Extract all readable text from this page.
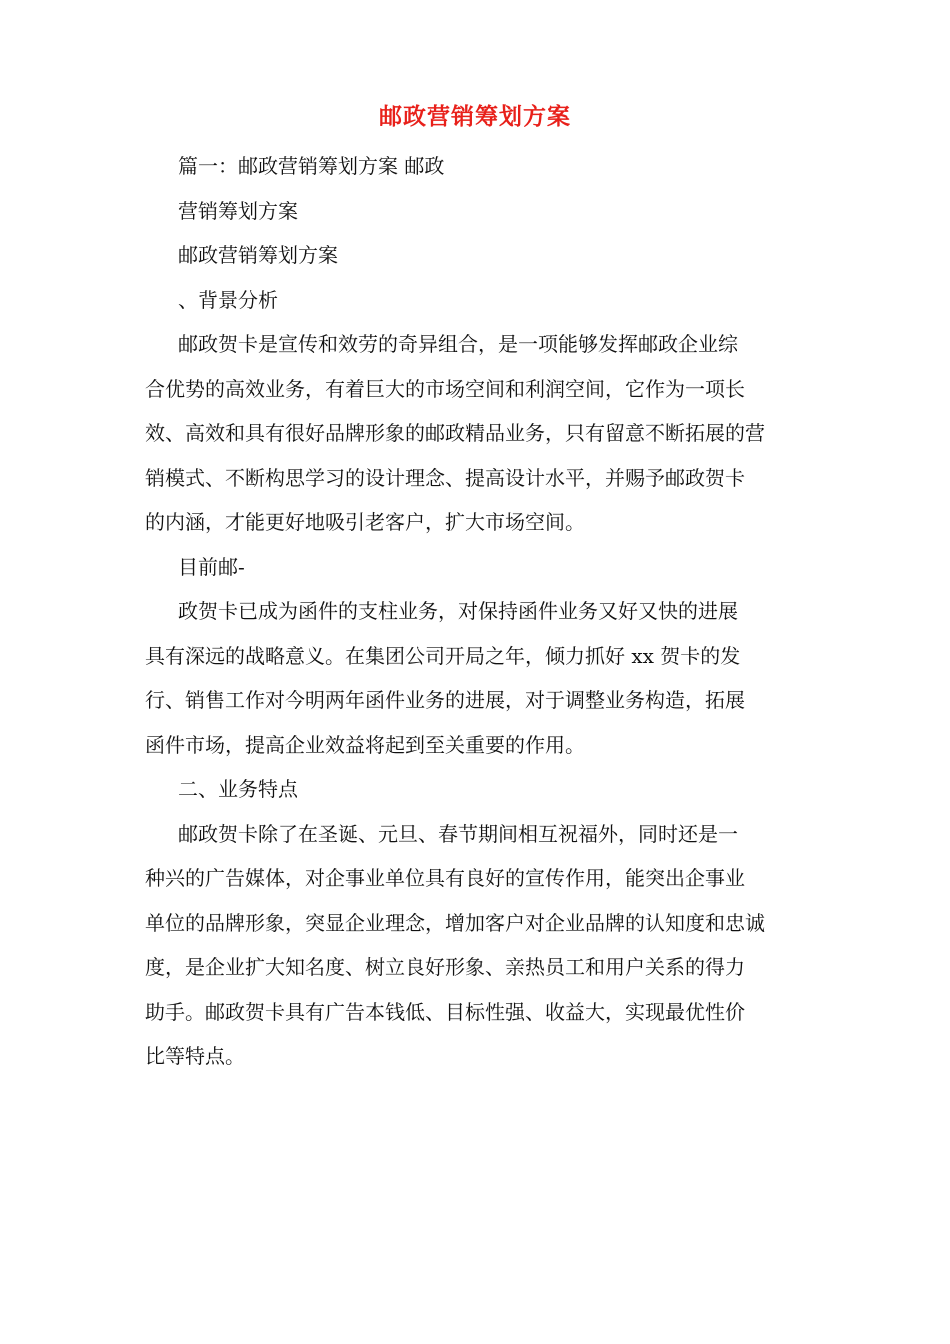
邮政营销筹划方案

篇一：邮政营销筹划方案 邮政

营销筹划方案

邮政营销筹划方案

、背景分析

邮政贺卡是宣传和效劳的奇异组合，是一项能够发挥邮政企业综

合优势的高效业务，有着巨大的市场空间和利润空间，它作为一项长

效、高效和具有很好品牌形象的邮政精品业务，只有留意不断拓展的营

销模式、不断构思学习的设计理念、提高设计水平，并赐予邮政贺卡

的内涵，才能更好地吸引老客户，扩大市场空间。

目前邮-

政贺卡已成为函件的支柱业务，对保持函件业务又好又快的进展

具有深远的战略意义。在集团公司开局之年，倾力抓好 xx 贺卡的发

行、销售工作对今明两年函件业务的进展，对于调整业务构造，拓展

函件市场，提高企业效益将起到至关重要的作用。

二、业务特点

邮政贺卡除了在圣诞、元旦、春节期间相互祝福外，同时还是一

种兴的广告媒体，对企事业单位具有良好的宣传作用，能突出企事业

单位的品牌形象，突显企业理念，增加客户对企业品牌的认知度和忠诚

度，是企业扩大知名度、树立良好形象、亲热员工和用户关系的得力

助手。邮政贺卡具有广告本钱低、目标性强、收益大，实现最优性价

比等特点。
